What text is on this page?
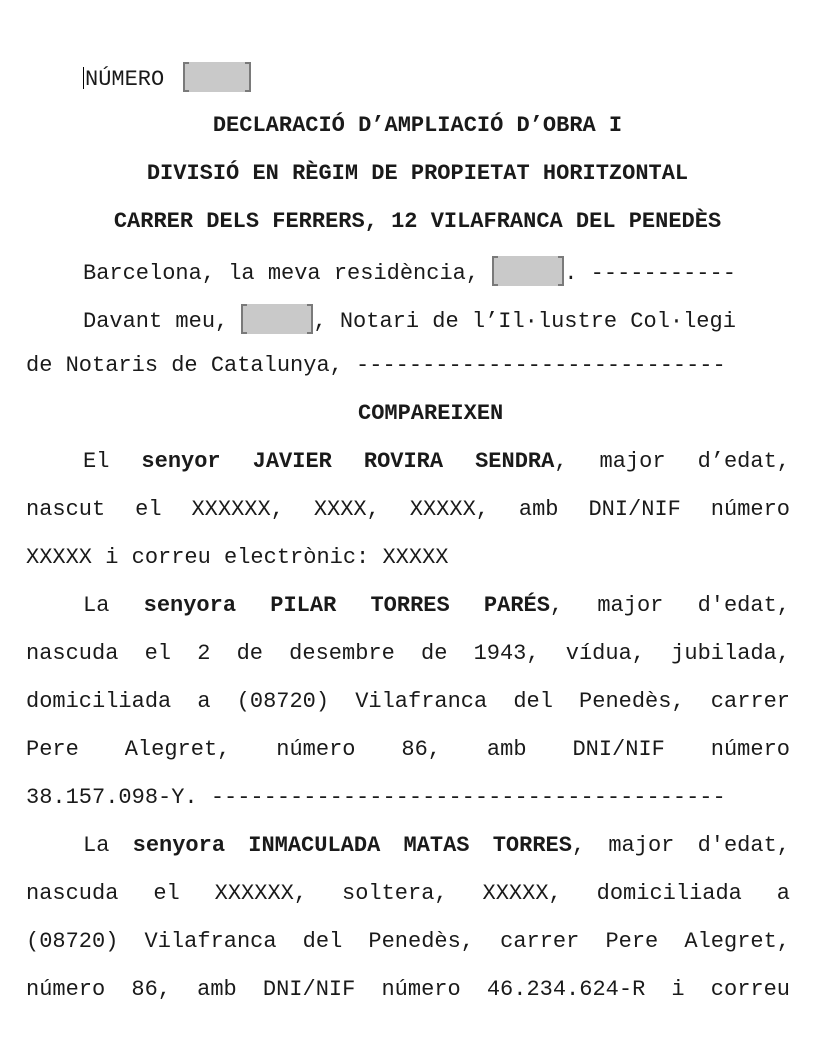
NÚMERO
DECLARACIÓ D’AMPLIACIÓ D’OBRA I
DIVISIÓ EN RÈGIM DE PROPIETAT HORITZONTAL
CARRER DELS FERRERS, 12 VILAFRANCA DEL PENEDÈS
Barcelona, la meva residència,	. -----------
Davant meu,	, Notari de l’Il·lustre Col·legi
de Notaris de Catalunya, ----------------------------
COMPAREIXEN
El senyor JAVIER ROVIRA SENDRA, major d’edat,
nascut el XXXXXX, XXXX, XXXXX, amb DNI/NIF número
XXXXX i correu electrònic: XXXXX
La senyora PILAR TORRES PARÉS, major d'edat,
nascuda el 2 de desembre de 1943, vídua, jubilada,
domiciliada a (08720) Vilafranca del Penedès, carrer
Pere Alegret, número 86, amb DNI/NIF número
38.157.098-Y. ---------------------------------------
La senyora INMACULADA MATAS TORRES, major d'edat,
nascuda el XXXXXX, soltera, XXXXX, domiciliada a
(08720) Vilafranca del Penedès, carrer Pere Alegret,
número 86, amb DNI/NIF número 46.234.624-R i correu
